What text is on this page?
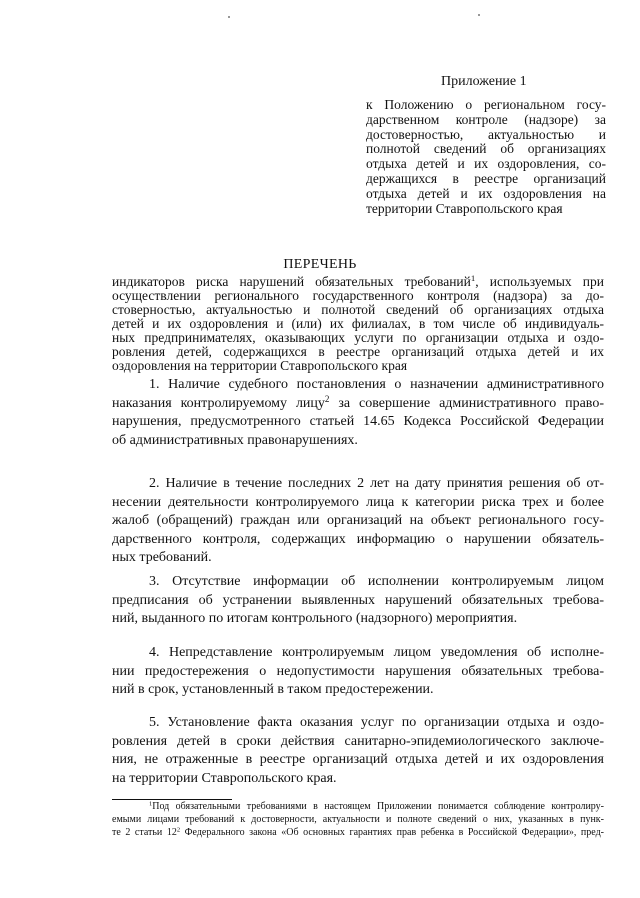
Приложение 1
к Положению о региональном госу-
дарственном контроле (надзоре) за
достоверностью, актуальностью и
полнотой сведений об организациях
отдыха детей и их оздоровления, со-
держащихся в реестре организаций
отдыха детей и их оздоровления на
территории Ставропольского края
ПЕРЕЧЕНЬ
индикаторов риска нарушений обязательных требований$^1$, используемых при
осуществлении регионального государственного контроля (надзора) за до-
стоверностью, актуальностью и полнотой сведений об организациях отдыха
детей и их оздоровления и (или) их филиалах, в том числе об индивидуаль-
ных предпринимателях, оказывающих услуги по организации отдыха и оздо-
ровления детей, содержащихся в реестре организаций отдыха детей и их
оздоровления на территории Ставропольского края
1. Наличие судебного постановления о назначении административного
наказания контролируемому лицу$^2$ за совершение административного право-
нарушения, предусмотренного статьей 14.65 Кодекса Российской Федерации
об административных правонарушениях.
2. Наличие в течение последних 2 лет на дату принятия решения об от-
несении деятельности контролируемого лица к категории риска трех и более
жалоб (обращений) граждан или организаций на объект регионального госу-
дарственного контроля, содержащих информацию о нарушении обязатель-
ных требований.
3. Отсутствие информации об исполнении контролируемым лицом
предписания об устранении выявленных нарушений обязательных требова-
ний, выданного по итогам контрольного (надзорного) мероприятия.
4. Непредставление контролируемым лицом уведомления об исполне-
нии предостережения о недопустимости нарушения обязательных требова-
ний в срок, установленный в таком предостережении.
5. Установление факта оказания услуг по организации отдыха и оздо-
ровления детей в сроки действия санитарно-эпидемиологического заключе-
ния, не отраженные в реестре организаций отдыха детей и их оздоровления
на территории Ставропольского края.
$^1$Под обязательными требованиями в настоящем Приложении понимается соблюдение контролиру-
емыми лицами требований к достоверности, актуальности и полноте сведений о них, указанных в пунк-
те 2 статьи $12^2$ Федерального закона «Об основных гарантиях прав ребенка в Российской Федерации», пред-
